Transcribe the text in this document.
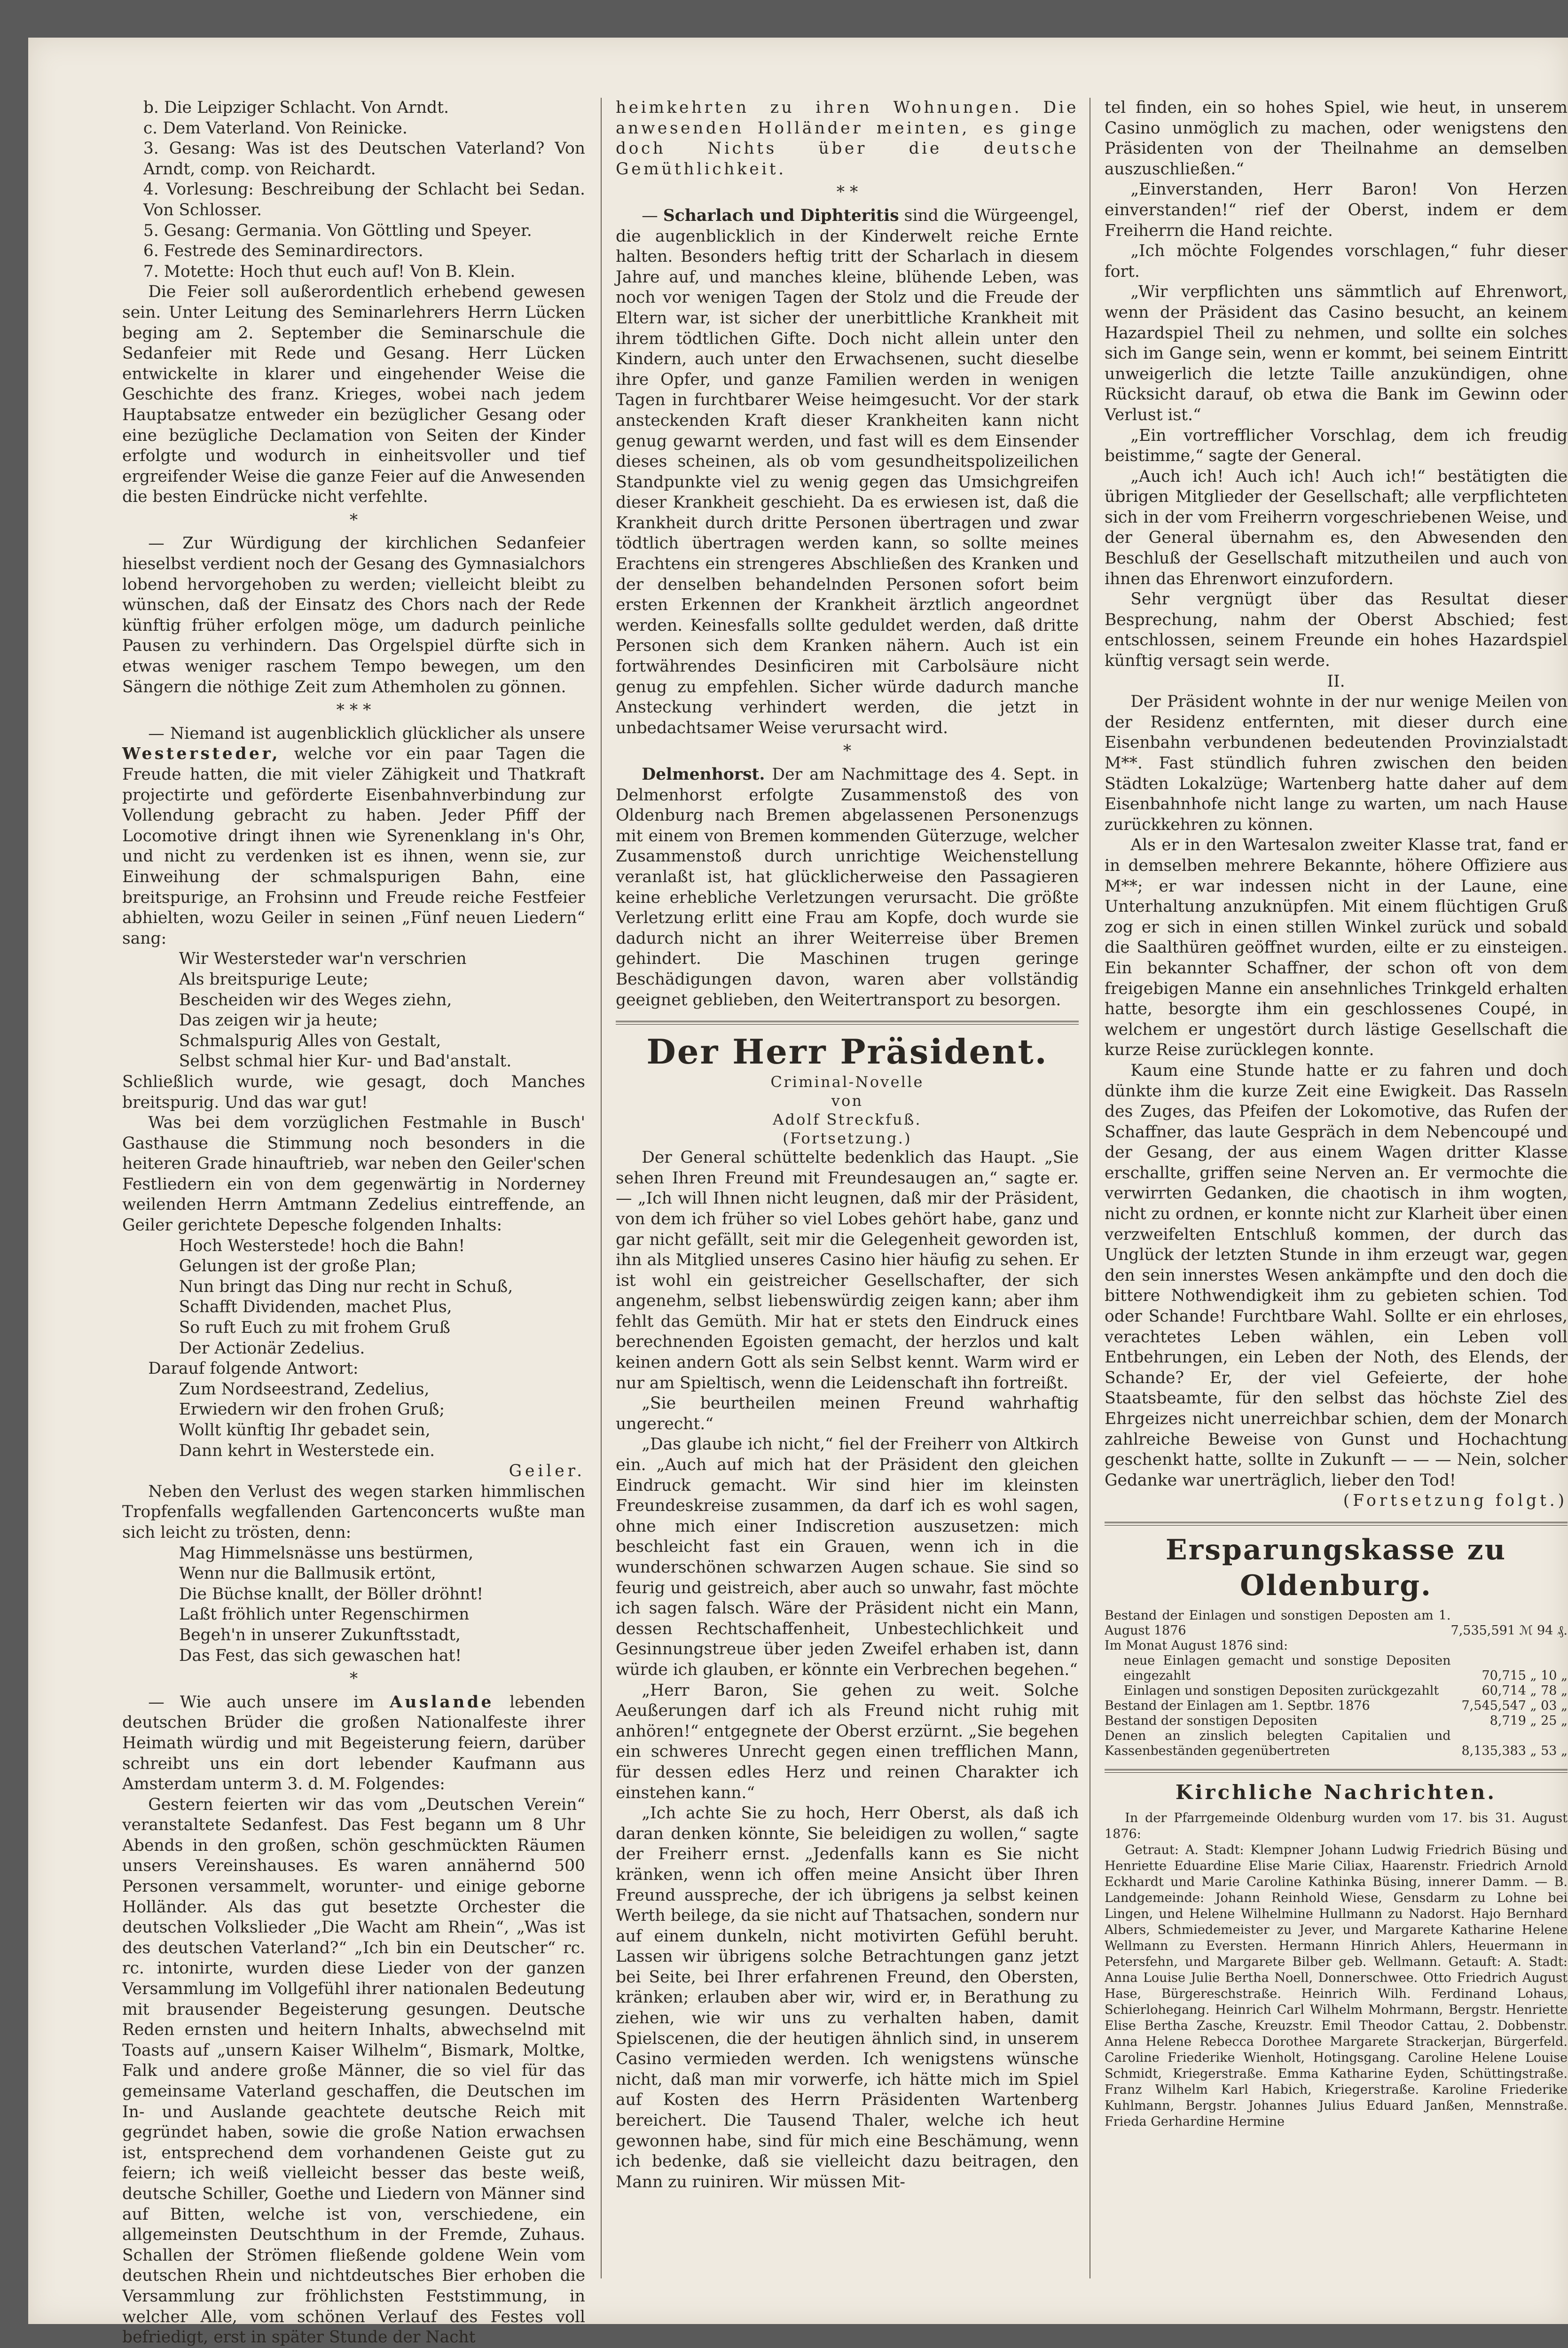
b. Die Leipziger Schlacht. Von Arndt.

c. Dem Vaterland. Von Reinicke.

3. Gesang: Was ist des Deutschen Vaterland? Von Arndt, comp. von Reichardt.

4. Vorlesung: Beschreibung der Schlacht bei Sedan. Von Schlosser.

5. Gesang: Germania. Von Göttling und Speyer.

6. Festrede des Seminardirectors.

7. Motette: Hoch thut euch auf! Von B. Klein.

Die Feier soll außerordentlich erhebend gewesen sein. Unter Leitung des Seminarlehrers Herrn Lücken beging am 2. September die Seminarschule die Sedanfeier mit Rede und Gesang. Herr Lücken entwickelte in klarer und eingehender Weise die Geschichte des franz. Krieges, wobei nach jedem Hauptabsatze entweder ein bezüglicher Gesang oder eine bezügliche Declamation von Seiten der Kinder erfolgte und wodurch in einheitsvoller und tief ergreifender Weise die ganze Feier auf die Anwesenden die besten Eindrücke nicht verfehlte.

*

— Zur Würdigung der kirchlichen Sedanfeier hieselbst verdient noch der Gesang des Gymnasialchors lobend hervorgehoben zu werden; vielleicht bleibt zu wünschen, daß der Einsatz des Chors nach der Rede künftig früher erfolgen möge, um dadurch peinliche Pausen zu verhindern. Das Orgelspiel dürfte sich in etwas weniger raschem Tempo bewegen, um den Sängern die nöthige Zeit zum Athemholen zu gönnen.

* * *

— Niemand ist augenblicklich glücklicher als unsere Westersteder, welche vor ein paar Tagen die Freude hatten, die mit vieler Zähigkeit und Thatkraft projectirte und geförderte Eisenbahnverbindung zur Vollendung gebracht zu haben. Jeder Pfiff der Locomotive dringt ihnen wie Syrenenklang in's Ohr, und nicht zu verdenken ist es ihnen, wenn sie, zur Einweihung der schmalspurigen Bahn, eine breitspurige, an Frohsinn und Freude reiche Festfeier abhielten, wozu Geiler in seinen „Fünf neuen Liedern“ sang:

Wir Westersteder war'n verschrien

Als breitspurige Leute;

Bescheiden wir des Weges ziehn,

Das zeigen wir ja heute;

Schmalspurig Alles von Gestalt,

Selbst schmal hier Kur- und Bad'anstalt.

Schließlich wurde, wie gesagt, doch Manches breitspurig. Und das war gut!

Was bei dem vorzüglichen Festmahle in Busch' Gasthause die Stimmung noch besonders in die heiteren Grade hinauftrieb, war neben den Geiler'schen Festliedern ein von dem gegenwärtig in Norderney weilenden Herrn Amtmann Zedelius eintreffende, an Geiler gerichtete Depesche folgenden Inhalts:

Hoch Westerstede! hoch die Bahn!

Gelungen ist der große Plan;

Nun bringt das Ding nur recht in Schuß,

Schafft Dividenden, machet Plus,

So ruft Euch zu mit frohem Gruß

Der Actionär Zedelius.

Darauf folgende Antwort:

Zum Nordseestrand, Zedelius,

Erwiedern wir den frohen Gruß;

Wollt künftig Ihr gebadet sein,

Dann kehrt in Westerstede ein.

Geiler.

Neben den Verlust des wegen starken himmlischen Tropfenfalls wegfallenden Gartenconcerts wußte man sich leicht zu trösten, denn:

Mag Himmelsnässe uns bestürmen,

Wenn nur die Ballmusik ertönt,

Die Büchse knallt, der Böller dröhnt!

Laßt fröhlich unter Regenschirmen

Begeh'n in unserer Zukunftsstadt,

Das Fest, das sich gewaschen hat!

*

— Wie auch unsere im Auslande lebenden deutschen Brüder die großen Nationalfeste ihrer Heimath würdig und mit Begeisterung feiern, darüber schreibt uns ein dort lebender Kaufmann aus Amsterdam unterm 3. d. M. Folgendes:

Gestern feierten wir das vom „Deutschen Verein“ veranstaltete Sedanfest. Das Fest begann um 8 Uhr Abends in den großen, schön geschmückten Räumen unsers Vereinshauses. Es waren annähernd 500 Personen versammelt, worunter- und einige geborne Holländer. Als das gut besetzte Orchester die deutschen Volkslieder „Die Wacht am Rhein“, „Was ist des deutschen Vaterland?“ „Ich bin ein Deutscher“ rc. rc. intonirte, wurden diese Lieder von der ganzen Versammlung im Vollgefühl ihrer nationalen Bedeutung mit brausender Begeisterung gesungen. Deutsche Reden ernsten und heitern Inhalts, abwechselnd mit Toasts auf „unsern Kaiser Wilhelm“, Bismark, Moltke, Falk und andere große Männer, die so viel für das gemeinsame Vaterland geschaffen, die Deutschen im In- und Auslande geachtete deutsche Reich mit gegründet haben, sowie die große Nation erwachsen ist, entsprechend dem vorhandenen Geiste gut zu feiern; ich weiß vielleicht besser das beste weiß, deutsche Schiller, Goethe und Liedern von Männer sind auf Bitten, welche ist von, verschiedene, ein allgemeinsten Deutschthum in der Fremde, Zuhaus. Schallen der Strömen fließende goldene Wein vom deutschen Rhein und nichtdeutsches Bier erhoben die Versammlung zur fröhlichsten Feststimmung, in welcher Alle, vom schönen Verlauf des Festes voll befriedigt, erst in später Stunde der Nacht

heimkehrten zu ihren Wohnungen. Die anwesenden Holländer meinten, es ginge doch Nichts über die deutsche Gemüthlichkeit.

* *

— Scharlach und Diphteritis sind die Würgeengel, die augenblicklich in der Kinderwelt reiche Ernte halten. Besonders heftig tritt der Scharlach in diesem Jahre auf, und manches kleine, blühende Leben, was noch vor wenigen Tagen der Stolz und die Freude der Eltern war, ist sicher der unerbittliche Krankheit mit ihrem tödtlichen Gifte. Doch nicht allein unter den Kindern, auch unter den Erwachsenen, sucht dieselbe ihre Opfer, und ganze Familien werden in wenigen Tagen in furchtbarer Weise heimgesucht. Vor der stark ansteckenden Kraft dieser Krankheiten kann nicht genug gewarnt werden, und fast will es dem Einsender dieses scheinen, als ob vom gesundheitspolizeilichen Standpunkte viel zu wenig gegen das Umsichgreifen dieser Krankheit geschieht. Da es erwiesen ist, daß die Krankheit durch dritte Personen übertragen und zwar tödtlich übertragen werden kann, so sollte meines Erachtens ein strengeres Abschließen des Kranken und der denselben behandelnden Personen sofort beim ersten Erkennen der Krankheit ärztlich angeordnet werden. Keinesfalls sollte geduldet werden, daß dritte Personen sich dem Kranken nähern. Auch ist ein fortwährendes Desinficiren mit Carbolsäure nicht genug zu empfehlen. Sicher würde dadurch manche Ansteckung verhindert werden, die jetzt in unbedachtsamer Weise verursacht wird.

*

Delmenhorst. Der am Nachmittage des 4. Sept. in Delmenhorst erfolgte Zusammenstoß des von Oldenburg nach Bremen abgelassenen Personenzugs mit einem von Bremen kommenden Güterzuge, welcher Zusammenstoß durch unrichtige Weichenstellung veranlaßt ist, hat glücklicherweise den Passagieren keine erhebliche Verletzungen verursacht. Die größte Verletzung erlitt eine Frau am Kopfe, doch wurde sie dadurch nicht an ihrer Weiterreise über Bremen gehindert. Die Maschinen trugen geringe Beschädigungen davon, waren aber vollständig geeignet geblieben, den Weitertransport zu besorgen.

Der Herr Präsident.

Criminal-Novelle

von

Adolf Streckfuß.

(Fortsetzung.)

Der General schüttelte bedenklich das Haupt. „Sie sehen Ihren Freund mit Freundesaugen an,“ sagte er. — „Ich will Ihnen nicht leugnen, daß mir der Präsident, von dem ich früher so viel Lobes gehört habe, ganz und gar nicht gefällt, seit mir die Gelegenheit geworden ist, ihn als Mitglied unseres Casino hier häufig zu sehen. Er ist wohl ein geistreicher Gesellschafter, der sich angenehm, selbst liebenswürdig zeigen kann; aber ihm fehlt das Gemüth. Mir hat er stets den Eindruck eines berechnenden Egoisten gemacht, der herzlos und kalt keinen andern Gott als sein Selbst kennt. Warm wird er nur am Spieltisch, wenn die Leidenschaft ihn fortreißt.

„Sie beurtheilen meinen Freund wahrhaftig ungerecht.“

„Das glaube ich nicht,“ fiel der Freiherr von Altkirch ein. „Auch auf mich hat der Präsident den gleichen Eindruck gemacht. Wir sind hier im kleinsten Freundeskreise zusammen, da darf ich es wohl sagen, ohne mich einer Indiscretion auszusetzen: mich beschleicht fast ein Grauen, wenn ich in die wunderschönen schwarzen Augen schaue. Sie sind so feurig und geistreich, aber auch so unwahr, fast möchte ich sagen falsch. Wäre der Präsident nicht ein Mann, dessen Rechtschaffenheit, Unbestechlichkeit und Gesinnungstreue über jeden Zweifel erhaben ist, dann würde ich glauben, er könnte ein Verbrechen begehen.“

„Herr Baron, Sie gehen zu weit. Solche Aeußerungen darf ich als Freund nicht ruhig mit anhören!“ entgegnete der Oberst erzürnt. „Sie begehen ein schweres Unrecht gegen einen trefflichen Mann, für dessen edles Herz und reinen Charakter ich einstehen kann.“

„Ich achte Sie zu hoch, Herr Oberst, als daß ich daran denken könnte, Sie beleidigen zu wollen,“ sagte der Freiherr ernst. „Jedenfalls kann es Sie nicht kränken, wenn ich offen meine Ansicht über Ihren Freund ausspreche, der ich übrigens ja selbst keinen Werth beilege, da sie nicht auf Thatsachen, sondern nur auf einem dunkeln, nicht motivirten Gefühl beruht. Lassen wir übrigens solche Betrachtungen ganz jetzt bei Seite, bei Ihrer erfahrenen Freund, den Obersten, kränken; erlauben aber wir, wird er, in Berathung zu ziehen, wie wir uns zu verhalten haben, damit Spielscenen, die der heutigen ähnlich sind, in unserem Casino vermieden werden. Ich wenigstens wünsche nicht, daß man mir vorwerfe, ich hätte mich im Spiel auf Kosten des Herrn Präsidenten Wartenberg bereichert. Die Tausend Thaler, welche ich heut gewonnen habe, sind für mich eine Beschämung, wenn ich bedenke, daß sie vielleicht dazu beitragen, den Mann zu ruiniren. Wir müssen Mit-

tel finden, ein so hohes Spiel, wie heut, in unserem Casino unmöglich zu machen, oder wenigstens den Präsidenten von der Theilnahme an demselben auszuschließen.“

„Einverstanden, Herr Baron! Von Herzen einverstanden!“ rief der Oberst, indem er dem Freiherrn die Hand reichte.

„Ich möchte Folgendes vorschlagen,“ fuhr dieser fort.

„Wir verpflichten uns sämmtlich auf Ehrenwort, wenn der Präsident das Casino besucht, an keinem Hazardspiel Theil zu nehmen, und sollte ein solches sich im Gange sein, wenn er kommt, bei seinem Eintritt unweigerlich die letzte Taille anzukündigen, ohne Rücksicht darauf, ob etwa die Bank im Gewinn oder Verlust ist.“

„Ein vortrefflicher Vorschlag, dem ich freudig beistimme,“ sagte der General.

„Auch ich! Auch ich! Auch ich!“ bestätigten die übrigen Mitglieder der Gesellschaft; alle verpflichteten sich in der vom Freiherrn vorgeschriebenen Weise, und der General übernahm es, den Abwesenden den Beschluß der Gesellschaft mitzutheilen und auch von ihnen das Ehrenwort einzufordern.

Sehr vergnügt über das Resultat dieser Besprechung, nahm der Oberst Abschied; fest entschlossen, seinem Freunde ein hohes Hazardspiel künftig versagt sein werde.

II.

Der Präsident wohnte in der nur wenige Meilen von der Residenz entfernten, mit dieser durch eine Eisenbahn verbundenen bedeutenden Provinzialstadt M**. Fast stündlich fuhren zwischen den beiden Städten Lokalzüge; Wartenberg hatte daher auf dem Eisenbahnhofe nicht lange zu warten, um nach Hause zurückkehren zu können.

Als er in den Wartesalon zweiter Klasse trat, fand er in demselben mehrere Bekannte, höhere Offiziere aus M**; er war indessen nicht in der Laune, eine Unterhaltung anzuknüpfen. Mit einem flüchtigen Gruß zog er sich in einen stillen Winkel zurück und sobald die Saalthüren geöffnet wurden, eilte er zu einsteigen. Ein bekannter Schaffner, der schon oft von dem freigebigen Manne ein ansehnliches Trinkgeld erhalten hatte, besorgte ihm ein geschlossenes Coupé, in welchem er ungestört durch lästige Gesellschaft die kurze Reise zurücklegen konnte.

Kaum eine Stunde hatte er zu fahren und doch dünkte ihm die kurze Zeit eine Ewigkeit. Das Rasseln des Zuges, das Pfeifen der Lokomotive, das Rufen der Schaffner, das laute Gespräch in dem Nebencoupé und der Gesang, der aus einem Wagen dritter Klasse erschallte, griffen seine Nerven an. Er vermochte die verwirrten Gedanken, die chaotisch in ihm wogten, nicht zu ordnen, er konnte nicht zur Klarheit über einen verzweifelten Entschluß kommen, der durch das Unglück der letzten Stunde in ihm erzeugt war, gegen den sein innerstes Wesen ankämpfte und den doch die bittere Nothwendigkeit ihm zu gebieten schien. Tod oder Schande! Furchtbare Wahl. Sollte er ein ehrloses, verachtetes Leben wählen, ein Leben voll Entbehrungen, ein Leben der Noth, des Elends, der Schande? Er, der viel Gefeierte, der hohe Staatsbeamte, für den selbst das höchste Ziel des Ehrgeizes nicht unerreichbar schien, dem der Monarch zahlreiche Beweise von Gunst und Hochachtung geschenkt hatte, sollte in Zukunft — — — Nein, solcher Gedanke war unerträglich, lieber den Tod!

(Fortsetzung folgt.)

Ersparungskasse zu Oldenburg.
Bestand der Einlagen und sonstigen Deposten am 1. August 1876	7,535,591 ℳ 94 ₰.
Im Monat August 1876 sind:	
neue Einlagen gemacht und sonstige Depositen eingezahlt	70,715 „ 10 „
Einlagen und sonstigen Depositen zurückgezahlt	60,714 „ 78 „
Bestand der Einlagen am 1. Septbr. 1876	7,545,547 „ 03 „
Bestand der sonstigen Depositen	8,719 „ 25 „
Denen an zinslich belegten Capitalien und Kassenbeständen gegenübertreten	8,135,383 „ 53 „
Kirchliche Nachrichten.

In der Pfarrgemeinde Oldenburg wurden vom 17. bis 31. August 1876:

Getraut: A. Stadt: Klempner Johann Ludwig Friedrich Büsing und Henriette Eduardine Elise Marie Ciliax, Haarenstr. Friedrich Arnold Eckhardt und Marie Caroline Kathinka Büsing, innerer Damm. — B. Landgemeinde: Johann Reinhold Wiese, Gensdarm zu Lohne bei Lingen, und Helene Wilhelmine Hullmann zu Nadorst. Hajo Bernhard Albers, Schmiedemeister zu Jever, und Margarete Katharine Helene Wellmann zu Eversten. Hermann Hinrich Ahlers, Heuermann in Petersfehn, und Margarete Bilber geb. Wellmann. Getauft: A. Stadt: Anna Louise Julie Bertha Noell, Donnerschwee. Otto Friedrich August Hase, Bürgereschstraße. Heinrich Wilh. Ferdinand Lohaus, Schierlohegang. Heinrich Carl Wilhelm Mohrmann, Bergstr. Henriette Elise Bertha Zasche, Kreuzstr. Emil Theodor Cattau, 2. Dobbenstr. Anna Helene Rebecca Dorothee Margarete Strackerjan, Bürgerfeld. Caroline Friederike Wienholt, Hotingsgang. Caroline Helene Louise Schmidt, Kriegerstraße. Emma Katharine Eyden, Schüttingstraße. Franz Wilhelm Karl Habich, Kriegerstraße. Karoline Friederike Kuhlmann, Bergstr. Johannes Julius Eduard Janßen, Mennstraße. Frieda Gerhardine Hermine
